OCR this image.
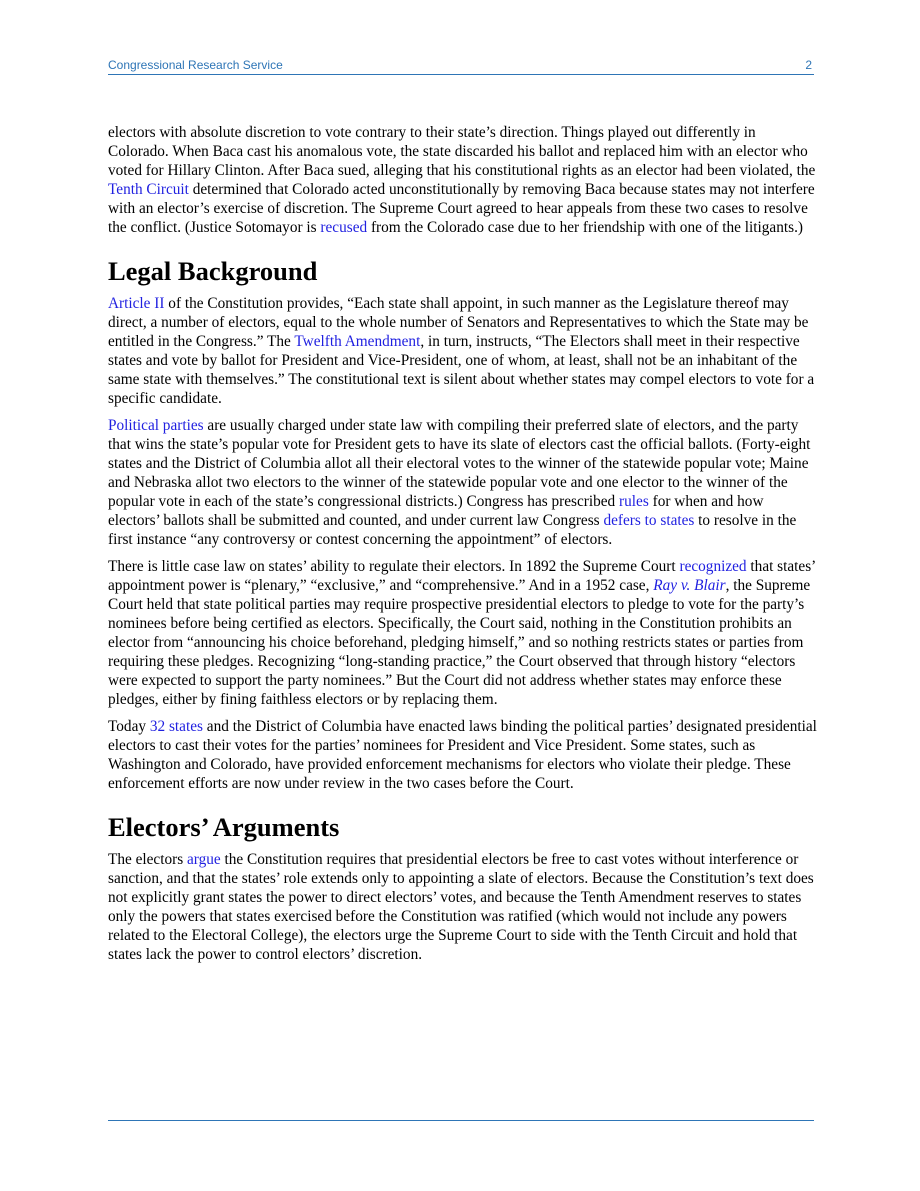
Congressional Research Service	2

electors with absolute discretion to vote contrary to their state’s direction. Things played out differently in Colorado. When Baca cast his anomalous vote, the state discarded his ballot and replaced him with an elector who voted for Hillary Clinton. After Baca sued, alleging that his constitutional rights as an elector had been violated, the Tenth Circuit determined that Colorado acted unconstitutionally by removing Baca because states may not interfere with an elector’s exercise of discretion. The Supreme Court agreed to hear appeals from these two cases to resolve the conflict. (Justice Sotomayor is recused from the Colorado case due to her friendship with one of the litigants.)

Legal Background

Article II of the Constitution provides, “Each state shall appoint, in such manner as the Legislature thereof may direct, a number of electors, equal to the whole number of Senators and Representatives to which the State may be entitled in the Congress.” The Twelfth Amendment, in turn, instructs, “The Electors shall meet in their respective states and vote by ballot for President and Vice-President, one of whom, at least, shall not be an inhabitant of the same state with themselves.” The constitutional text is silent about whether states may compel electors to vote for a specific candidate.

Political parties are usually charged under state law with compiling their preferred slate of electors, and the party that wins the state’s popular vote for President gets to have its slate of electors cast the official ballots. (Forty-eight states and the District of Columbia allot all their electoral votes to the winner of the statewide popular vote; Maine and Nebraska allot two electors to the winner of the statewide popular vote and one elector to the winner of the popular vote in each of the state’s congressional districts.) Congress has prescribed rules for when and how electors’ ballots shall be submitted and counted, and under current law Congress defers to states to resolve in the first instance “any controversy or contest concerning the appointment” of electors.

There is little case law on states’ ability to regulate their electors. In 1892 the Supreme Court recognized that states’ appointment power is “plenary,” “exclusive,” and “comprehensive.” And in a 1952 case, Ray v. Blair, the Supreme Court held that state political parties may require prospective presidential electors to pledge to vote for the party’s nominees before being certified as electors. Specifically, the Court said, nothing in the Constitution prohibits an elector from “announcing his choice beforehand, pledging himself,” and so nothing restricts states or parties from requiring these pledges. Recognizing “long-standing practice,” the Court observed that through history “electors were expected to support the party nominees.” But the Court did not address whether states may enforce these pledges, either by fining faithless electors or by replacing them.

Today 32 states and the District of Columbia have enacted laws binding the political parties’ designated presidential electors to cast their votes for the parties’ nominees for President and Vice President. Some states, such as Washington and Colorado, have provided enforcement mechanisms for electors who violate their pledge. These enforcement efforts are now under review in the two cases before the Court.

Electors’ Arguments

The electors argue the Constitution requires that presidential electors be free to cast votes without interference or sanction, and that the states’ role extends only to appointing a slate of electors. Because the Constitution’s text does not explicitly grant states the power to direct electors’ votes, and because the Tenth Amendment reserves to states only the powers that states exercised before the Constitution was ratified (which would not include any powers related to the Electoral College), the electors urge the Supreme Court to side with the Tenth Circuit and hold that states lack the power to control electors’ discretion.
